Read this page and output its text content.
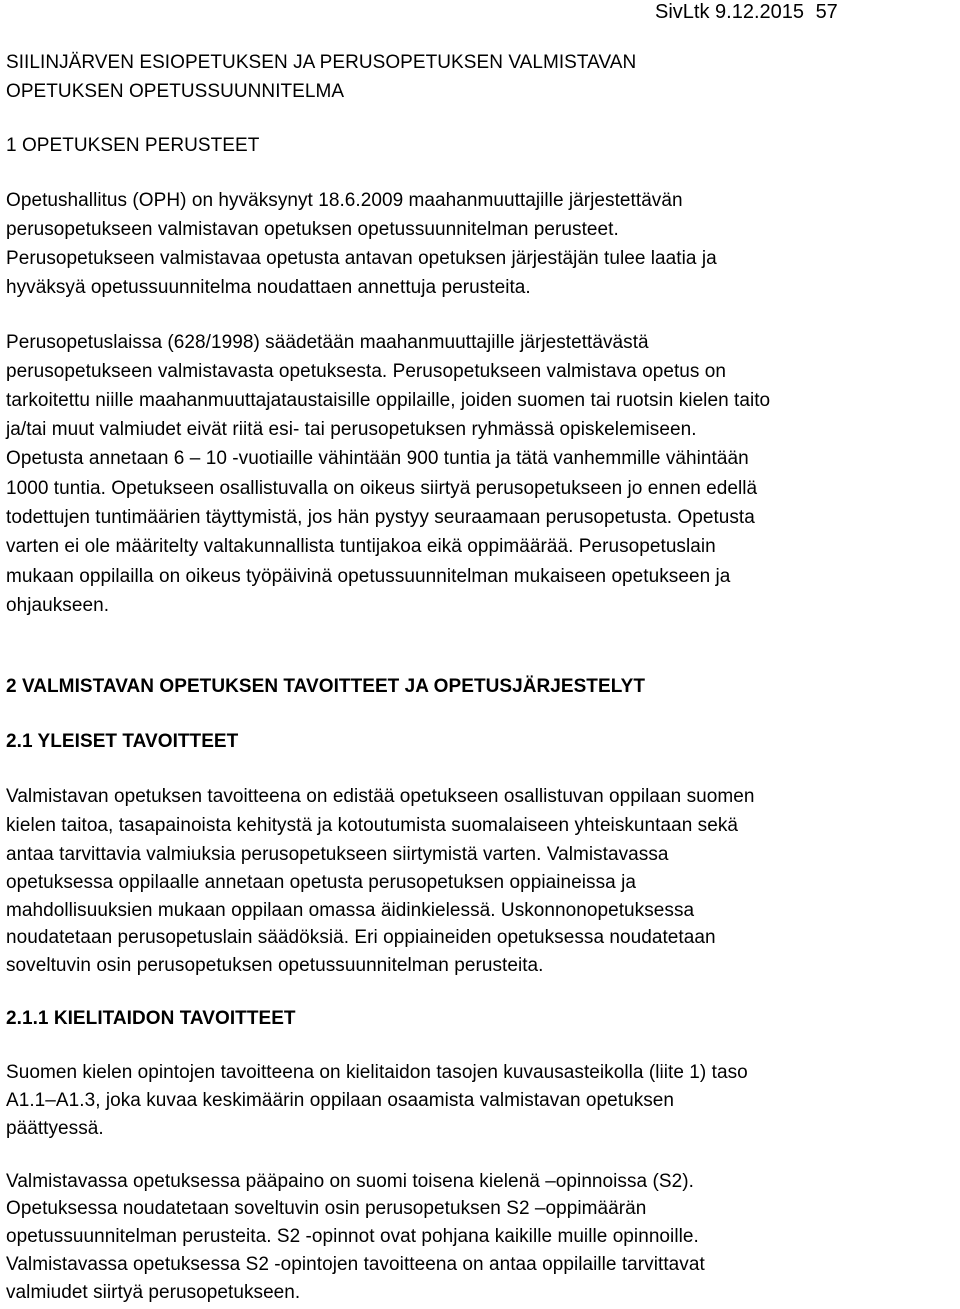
SivLtk 9.12.2015 57
SIILINJÄRVEN ESIOPETUKSEN JA PERUSOPETUKSEN VALMISTAVAN
OPETUKSEN OPETUSSUUNNITELMA
1 OPETUKSEN PERUSTEET
Opetushallitus (OPH) on hyväksynyt 18.6.2009 maahanmuuttajille järjestettävän
perusopetukseen valmistavan opetuksen opetussuunnitelman perusteet.
Perusopetukseen valmistavaa opetusta antavan opetuksen järjestäjän tulee laatia ja
hyväksyä opetussuunnitelma noudattaen annettuja perusteita.
Perusopetuslaissa (628/1998) säädetään maahanmuuttajille järjestettävästä
perusopetukseen valmistavasta opetuksesta. Perusopetukseen valmistava opetus on
tarkoitettu niille maahanmuuttajataustaisille oppilaille, joiden suomen tai ruotsin kielen taito
ja/tai muut valmiudet eivät riitä esi- tai perusopetuksen ryhmässä opiskelemiseen.
Opetusta annetaan 6 – 10 -vuotiaille vähintään 900 tuntia ja tätä vanhemmille vähintään
1000 tuntia. Opetukseen osallistuvalla on oikeus siirtyä perusopetukseen jo ennen edellä
todettujen tuntimäärien täyttymistä, jos hän pystyy seuraamaan perusopetusta. Opetusta
varten ei ole määritelty valtakunnallista tuntijakoa eikä oppimäärää. Perusopetuslain
mukaan oppilailla on oikeus työpäivinä opetussuunnitelman mukaiseen opetukseen ja
ohjaukseen.
2 VALMISTAVAN OPETUKSEN TAVOITTEET JA OPETUSJÄRJESTELYT
2.1 YLEISET TAVOITTEET
Valmistavan opetuksen tavoitteena on edistää opetukseen osallistuvan oppilaan suomen
kielen taitoa, tasapainoista kehitystä ja kotoutumista suomalaiseen yhteiskuntaan sekä
antaa tarvittavia valmiuksia perusopetukseen siirtymistä varten. Valmistavassa
opetuksessa oppilaalle annetaan opetusta perusopetuksen oppiaineissa ja
mahdollisuuksien mukaan oppilaan omassa äidinkielessä. Uskonnonopetuksessa
noudatetaan perusopetuslain säädöksiä. Eri oppiaineiden opetuksessa noudatetaan
soveltuvin osin perusopetuksen opetussuunnitelman perusteita.
2.1.1 KIELITAIDON TAVOITTEET
Suomen kielen opintojen tavoitteena on kielitaidon tasojen kuvausasteikolla (liite 1) taso
A1.1–A1.3, joka kuvaa keskimäärin oppilaan osaamista valmistavan opetuksen
päättyessä.
Valmistavassa opetuksessa pääpaino on suomi toisena kielenä –opinnoissa (S2).
Opetuksessa noudatetaan soveltuvin osin perusopetuksen S2 –oppimäärän
opetussuunnitelman perusteita. S2 -opinnot ovat pohjana kaikille muille opinnoille.
Valmistavassa opetuksessa S2 -opintojen tavoitteena on antaa oppilaille tarvittavat
valmiudet siirtyä perusopetukseen.
